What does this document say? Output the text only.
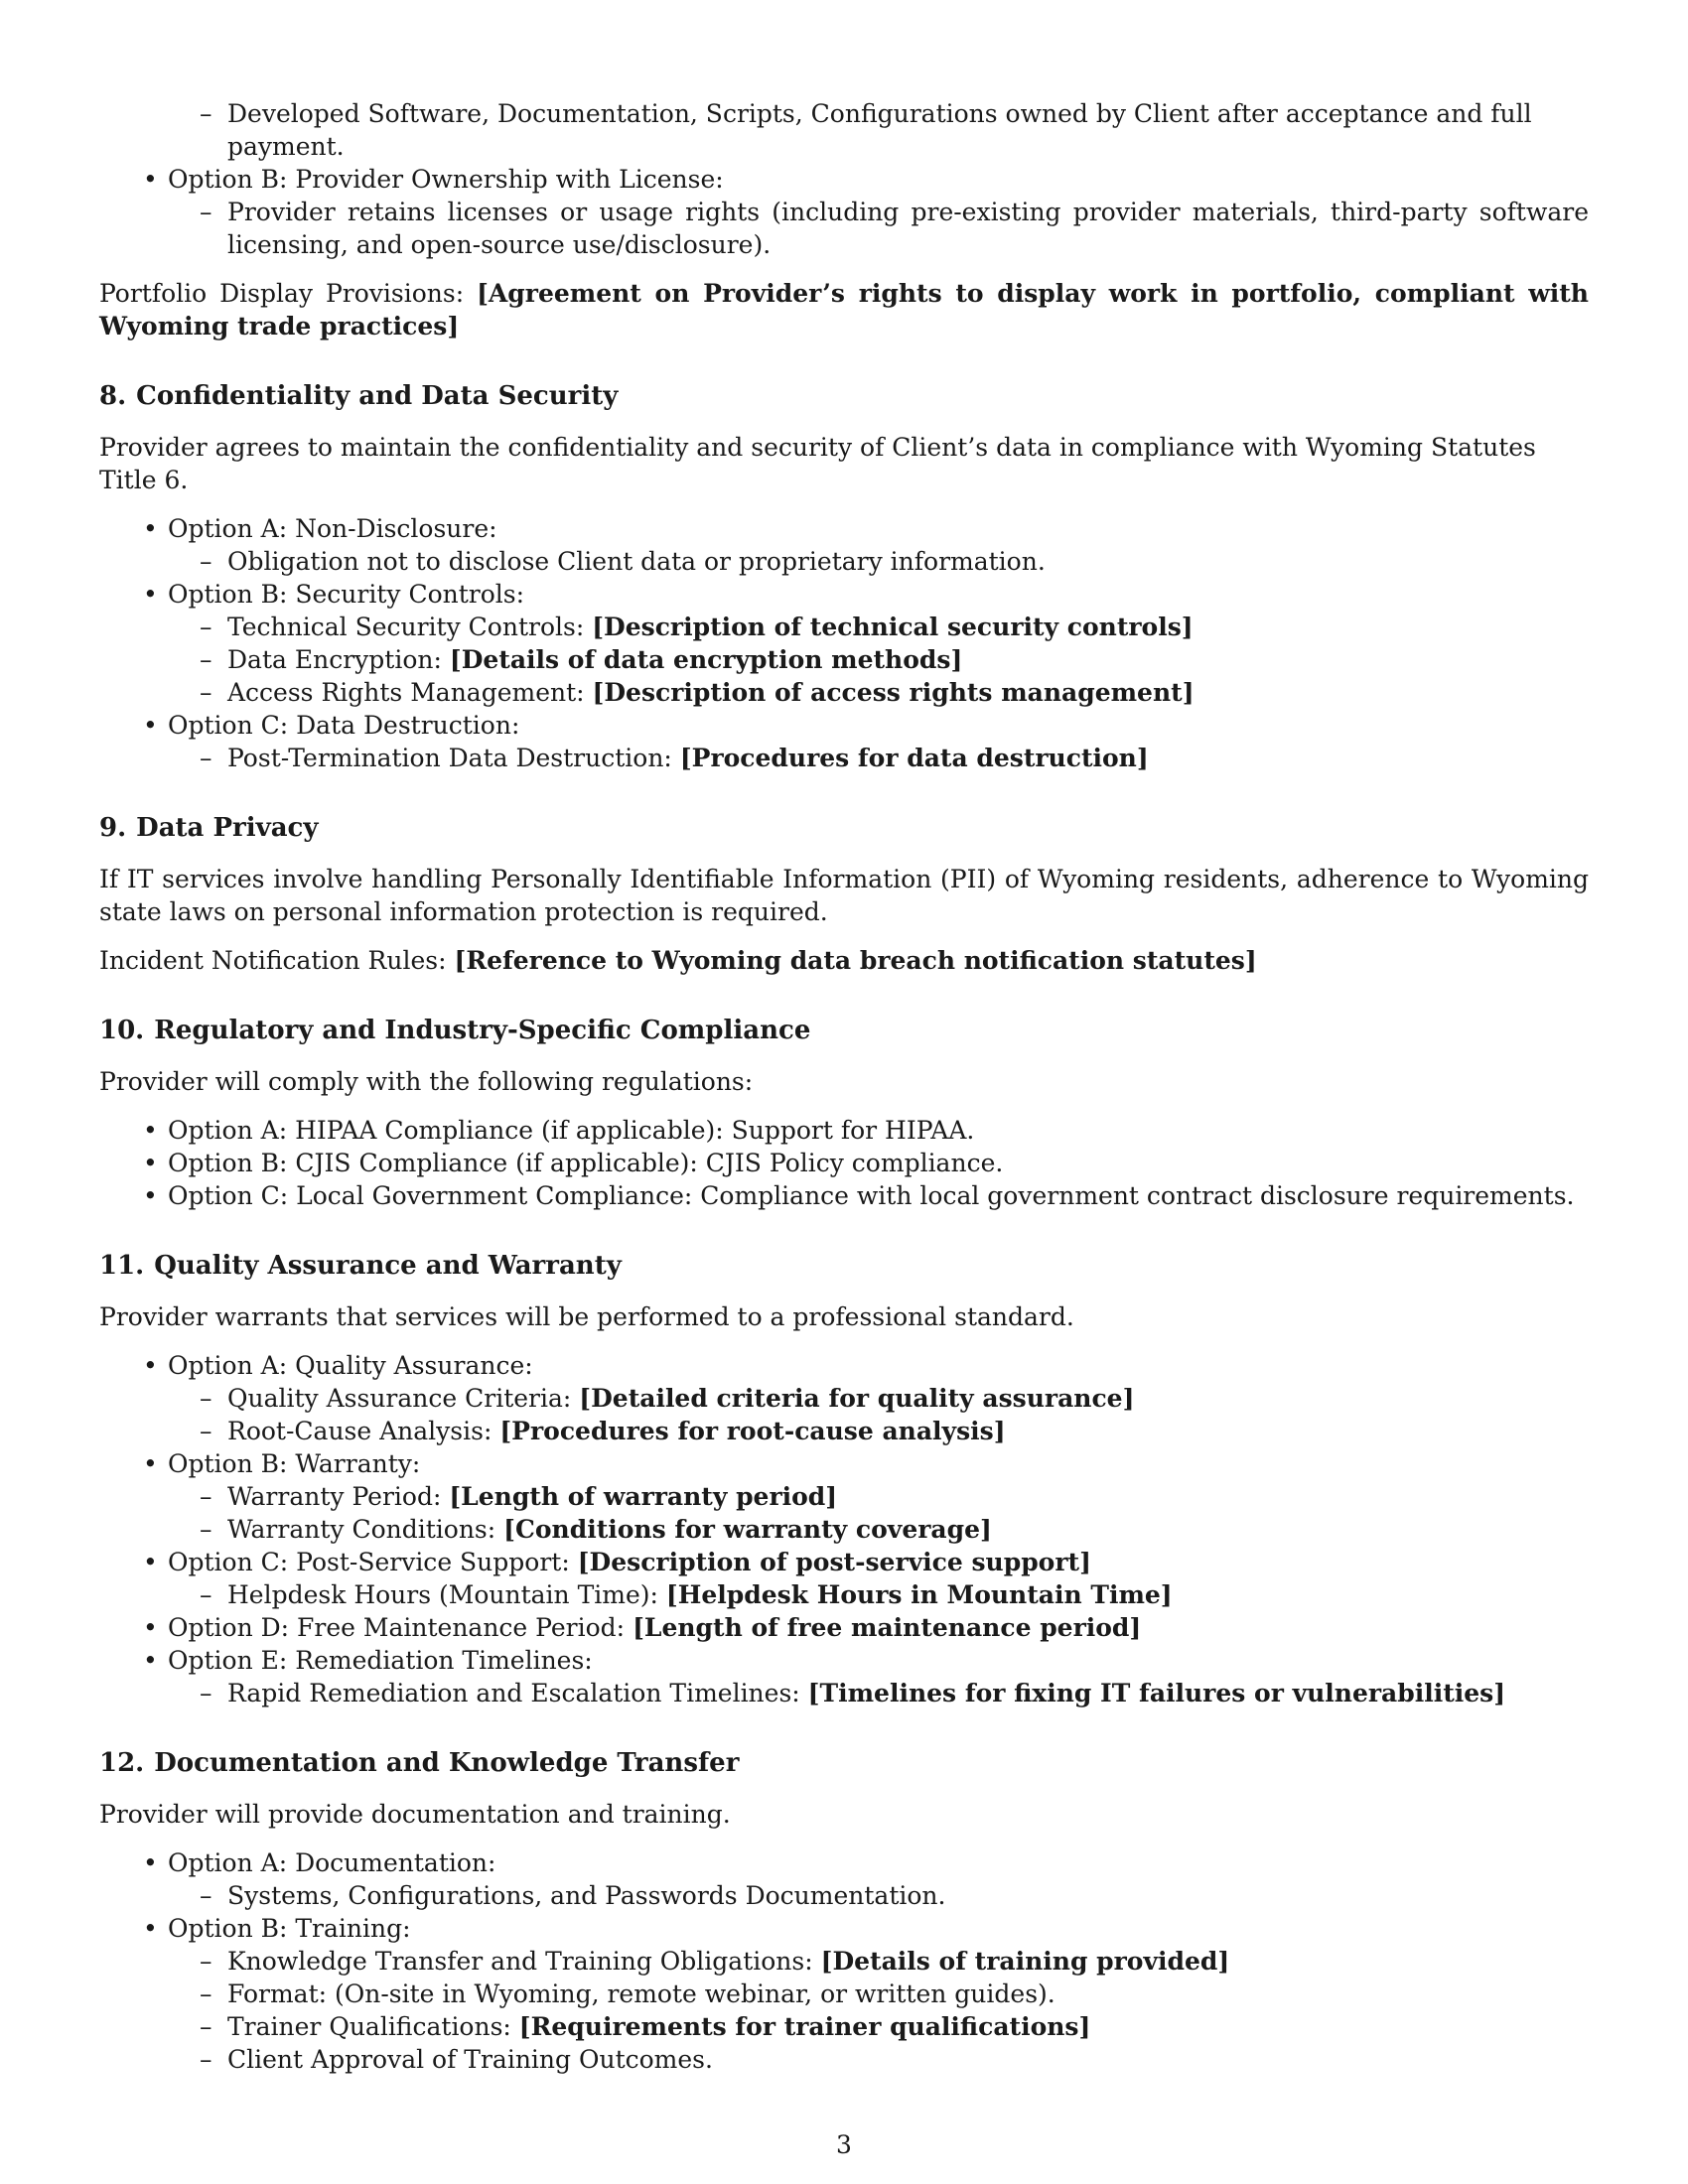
– Developed Software, Documentation, Scripts, Configurations owned by Client after acceptance and full payment.
• Option B: Provider Ownership with License:
– Provider retains licenses or usage rights (including pre-existing provider materials, third-party software licensing, and open-source use/disclosure).

Portfolio Display Provisions: [Agreement on Provider’s rights to display work in portfolio, compliant with Wyoming trade practices]

8. Confidentiality and Data Security

Provider agrees to maintain the confidentiality and security of Client’s data in compliance with Wyoming Statutes Title 6.

• Option A: Non-Disclosure:
– Obligation not to disclose Client data or proprietary information.
• Option B: Security Controls:
– Technical Security Controls: [Description of technical security controls]
– Data Encryption: [Details of data encryption methods]
– Access Rights Management: [Description of access rights management]
• Option C: Data Destruction:
– Post-Termination Data Destruction: [Procedures for data destruction]
9. Data Privacy

If IT services involve handling Personally Identifiable Information (PII) of Wyoming residents, adherence to Wyoming state laws on personal information protection is required.

Incident Notification Rules: [Reference to Wyoming data breach notification statutes]

10. Regulatory and Industry-Specific Compliance

Provider will comply with the following regulations:

• Option A: HIPAA Compliance (if applicable): Support for HIPAA.
• Option B: CJIS Compliance (if applicable): CJIS Policy compliance.
• Option C: Local Government Compliance: Compliance with local government contract disclosure requirements.
11. Quality Assurance and Warranty

Provider warrants that services will be performed to a professional standard.

• Option A: Quality Assurance:
– Quality Assurance Criteria: [Detailed criteria for quality assurance]
– Root-Cause Analysis: [Procedures for root-cause analysis]
• Option B: Warranty:
– Warranty Period: [Length of warranty period]
– Warranty Conditions: [Conditions for warranty coverage]
• Option C: Post-Service Support: [Description of post-service support]
– Helpdesk Hours (Mountain Time): [Helpdesk Hours in Mountain Time]
• Option D: Free Maintenance Period: [Length of free maintenance period]
• Option E: Remediation Timelines:
– Rapid Remediation and Escalation Timelines: [Timelines for fixing IT failures or vulnerabilities]
12. Documentation and Knowledge Transfer

Provider will provide documentation and training.

• Option A: Documentation:
– Systems, Configurations, and Passwords Documentation.
• Option B: Training:
– Knowledge Transfer and Training Obligations: [Details of training provided]
– Format: (On-site in Wyoming, remote webinar, or written guides).
– Trainer Qualifications: [Requirements for trainer qualifications]
– Client Approval of Training Outcomes.
3
